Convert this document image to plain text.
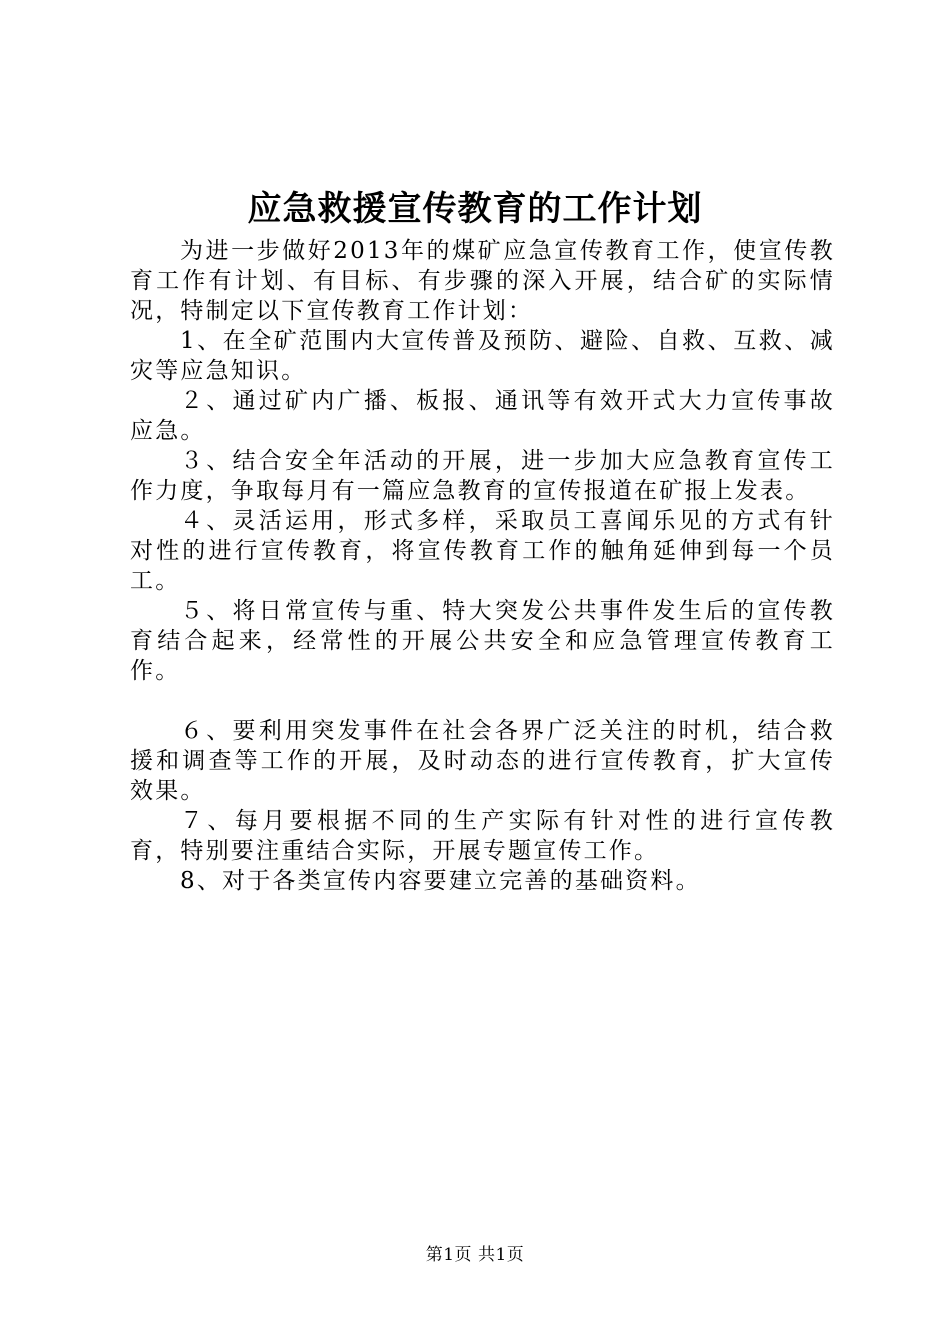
应急救援宣传教育的工作计划

为进一步做好2013年的煤矿应急宣传教育工作，使宣传教育工作有计划、有目标、有步骤的深入开展，结合矿的实际情况，特制定以下宣传教育工作计划：

1、在全矿范围内大宣传普及预防、避险、自救、互救、减灾等应急知识。

２、通过矿内广播、板报、通讯等有效开式大力宣传事故应急。

３、结合安全年活动的开展，进一步加大应急教育宣传工作力度，争取每月有一篇应急教育的宣传报道在矿报上发表。

４、灵活运用，形式多样，采取员工喜闻乐见的方式有针对性的进行宣传教育，将宣传教育工作的触角延伸到每一个员工。

５、将日常宣传与重、特大突发公共事件发生后的宣传教育结合起来，经常性的开展公共安全和应急管理宣传教育工作。

６、要利用突发事件在社会各界广泛关注的时机，结合救援和调查等工作的开展，及时动态的进行宣传教育，扩大宣传效果。

７、每月要根据不同的生产实际有针对性的进行宣传教育，特别要注重结合实际，开展专题宣传工作。

8、对于各类宣传内容要建立完善的基础资料。

第1页 共1页
